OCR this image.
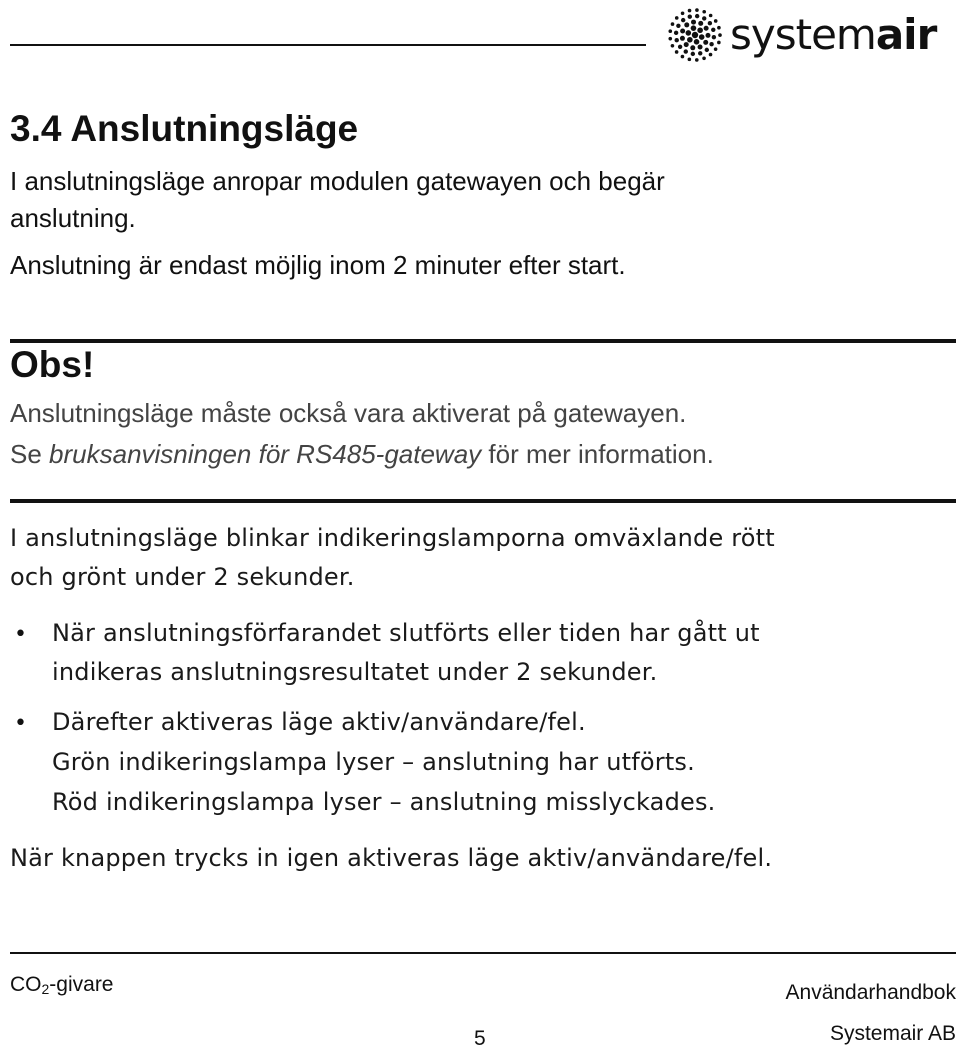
systemair
3.4 Anslutningsläge

I anslutningsläge anropar modulen gatewayen och begär

anslutning.

Anslutning är endast möjlig inom 2 minuter efter start.

Obs!
Anslutningsläge måste också vara aktiverat på gatewayen.
Se bruksanvisningen för RS485-gateway för mer information.
I anslutningsläge blinkar indikeringslamporna omväxlande rött
och grönt under 2 sekunder.
• När anslutningsförfarandet slutförts eller tiden har gått ut
indikeras anslutningsresultatet under 2 sekunder.
• Därefter aktiveras läge aktiv/användare/fel.
Grön indikeringslampa lyser – anslutning har utförts.
Röd indikeringslampa lyser – anslutning misslyckades.
När knappen trycks in igen aktiveras läge aktiv/användare/fel.
$CO_2$-givare	Användarhandbok
5	Systemair AB
